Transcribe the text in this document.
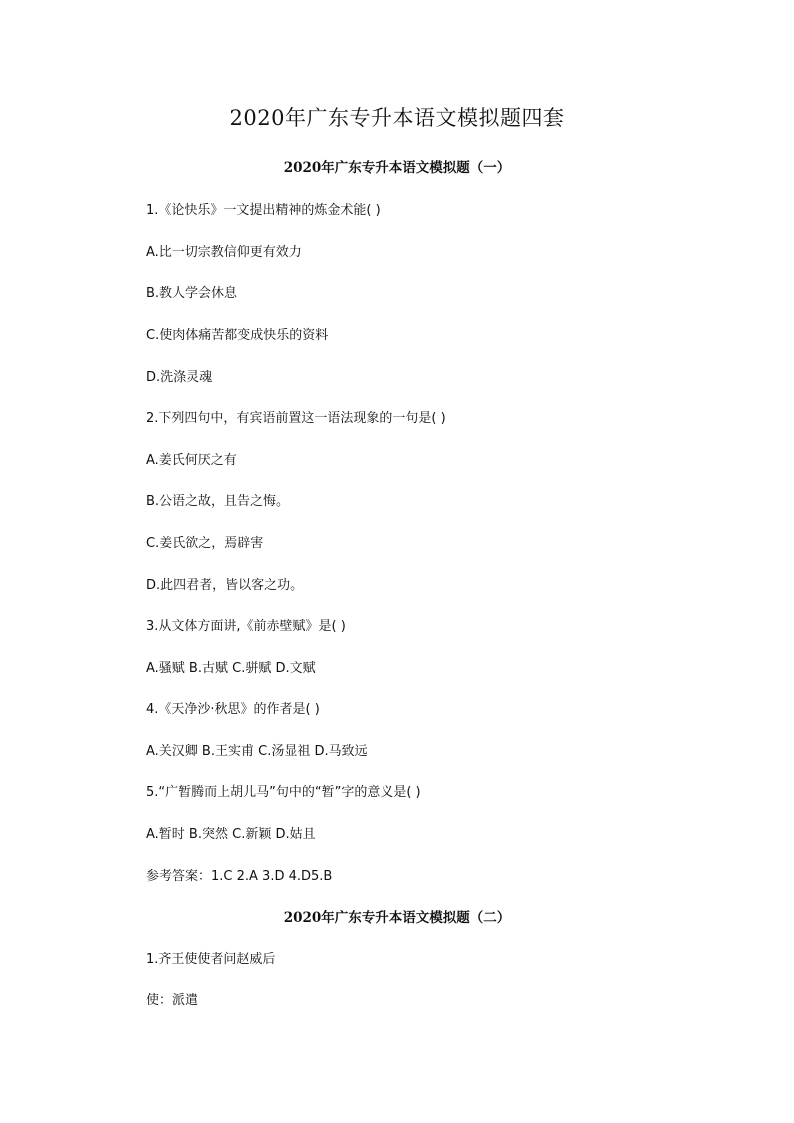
2020年广东专升本语文模拟题四套
2020年广东专升本语文模拟题（一）

1.《论快乐》一文提出精神的炼金术能( )

A.比一切宗教信仰更有效力

B.教人学会休息

C.使肉体痛苦都变成快乐的资料

D.洗涤灵魂

2.下列四句中，有宾语前置这一语法现象的一句是( )

A.姜氏何厌之有

B.公语之故，且告之悔。

C.姜氏欲之，焉辟害

D.此四君者，皆以客之功。

3.从文体方面讲,《前赤壁赋》是( )

A.骚赋 B.古赋 C.骈赋 D.文赋

4.《天净沙·秋思》的作者是( )

A.关汉卿 B.王实甫 C.汤显祖 D.马致远

5.“广暂腾而上胡儿马”句中的“暂”字的意义是( )

A.暂时 B.突然 C.新颖 D.姑且

参考答案：1.C 2.A 3.D 4.D5.B

2020年广东专升本语文模拟题（二）

1.齐王使使者问赵威后

使：派遣
